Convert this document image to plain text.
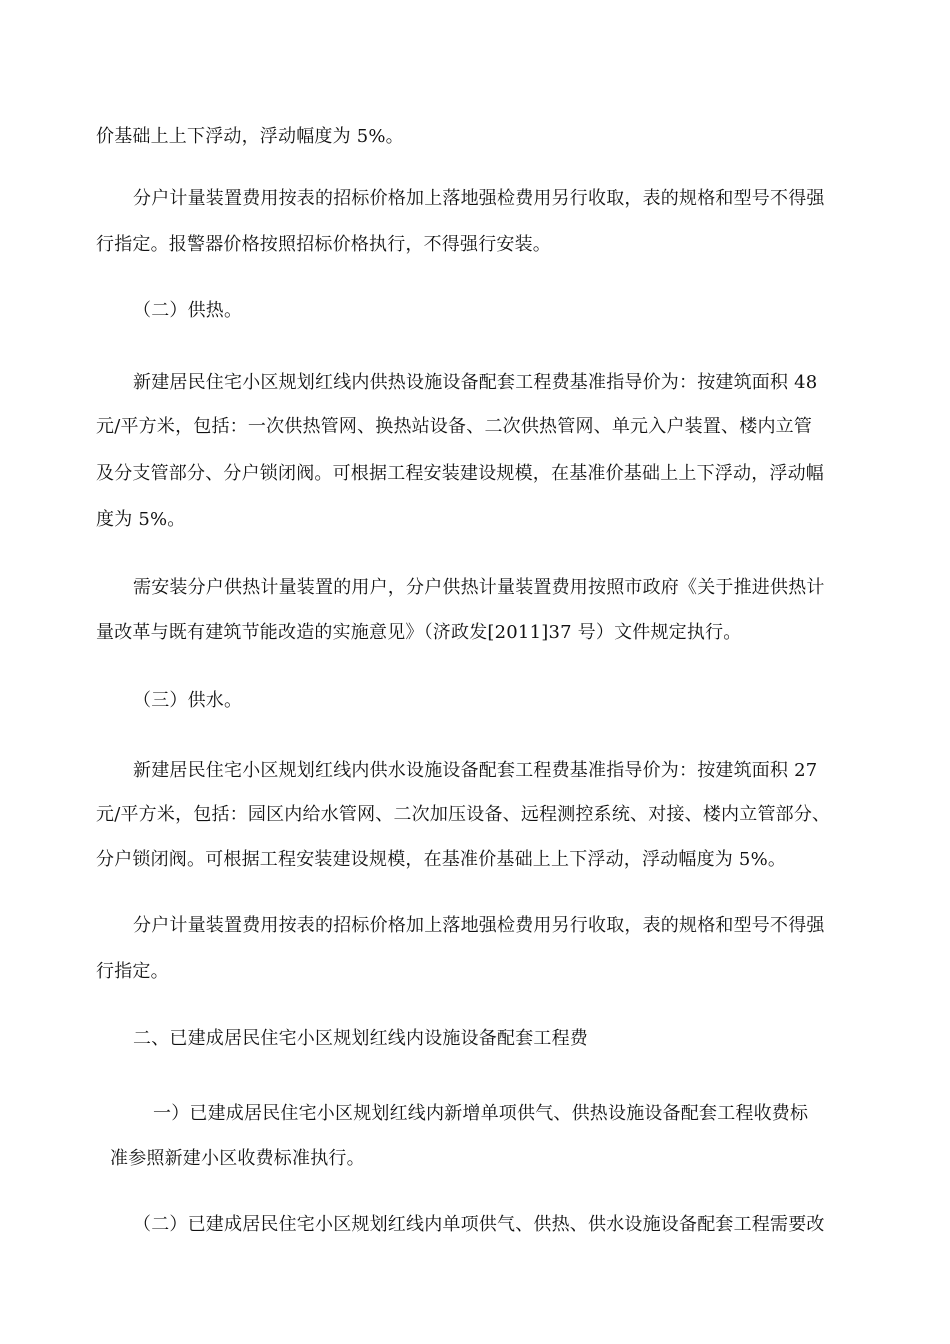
价基础上上下浮动，浮动幅度为 5%。
分户计量装置费用按表的招标价格加上落地强检费用另行收取，表的规格和型号不得强
行指定。报警器价格按照招标价格执行，不得强行安装。
（二）供热。
新建居民住宅小区规划红线内供热设施设备配套工程费基准指导价为：按建筑面积 48
元/平方米，包括：一次供热管网、换热站设备、二次供热管网、单元入户装置、楼内立管
及分支管部分、分户锁闭阀。可根据工程安装建设规模，在基准价基础上上下浮动，浮动幅
度为 5%。
需安装分户供热计量装置的用户，分户供热计量装置费用按照市政府《关于推进供热计
量改革与既有建筑节能改造的实施意见》（济政发[2011]37 号）文件规定执行。
（三）供水。
新建居民住宅小区规划红线内供水设施设备配套工程费基准指导价为：按建筑面积 27
元/平方米，包括：园区内给水管网、二次加压设备、远程测控系统、对接、楼内立管部分、
分户锁闭阀。可根据工程安装建设规模，在基准价基础上上下浮动，浮动幅度为 5%。
分户计量装置费用按表的招标价格加上落地强检费用另行收取，表的规格和型号不得强
行指定。
二、已建成居民住宅小区规划红线内设施设备配套工程费
一）已建成居民住宅小区规划红线内新增单项供气、供热设施设备配套工程收费标
准参照新建小区收费标准执行。
（二）已建成居民住宅小区规划红线内单项供气、供热、供水设施设备配套工程需要改
